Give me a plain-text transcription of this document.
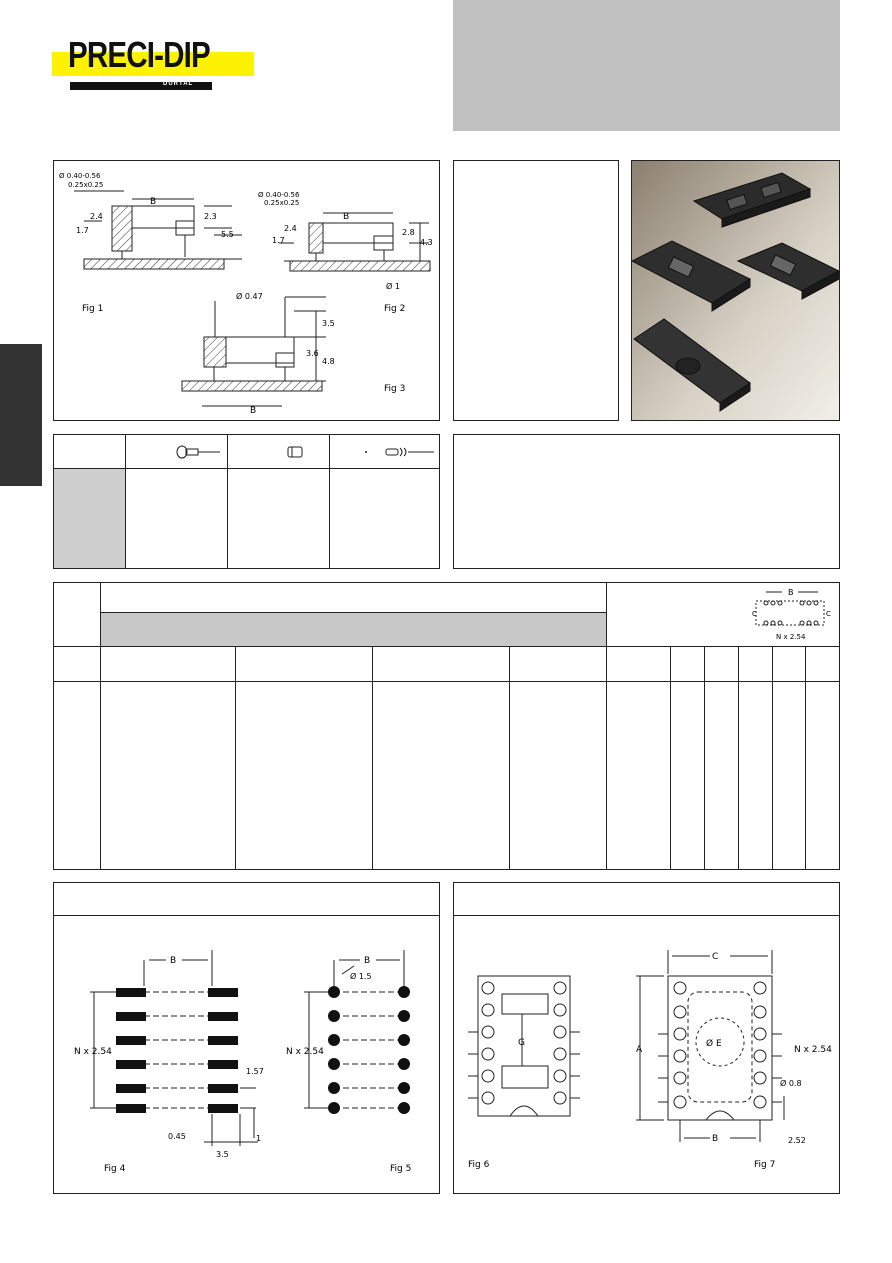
PRECI-DIP
DURTAL
Ø 0.40-0.56
0.25x0.25
B
2.4	2.3
1.7	5.5
Ø 0.40-0.56
0.25x0.25
B
2.4	2.8
4.3
1.7
Ø 1
Ø 0.47
B
3.5
3.6
4.8
Fig 1	Fig 2
Fig 3
B
C	C
N x 2.54
B
N x 2.54
1.57
0.45
3.5
1
B
Ø 1.5
N x 2.54
Fig 4	Fig 5
G
C
A
B
Ø E
N x 2.54
Ø 0.8
2.52
Fig 6	Fig 7
